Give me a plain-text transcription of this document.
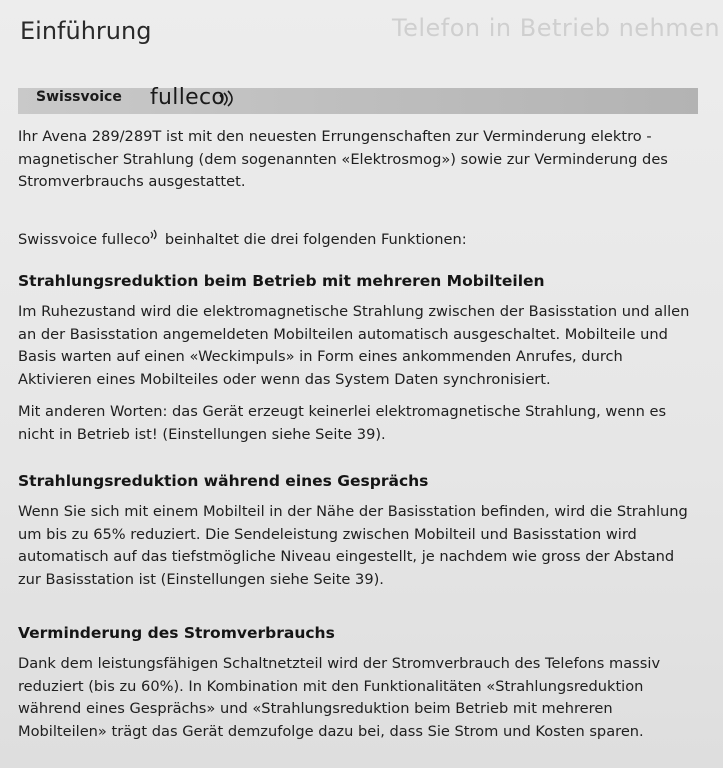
Telefon in Betrieb nehmen
Einführung
Swissvoice fulleco
Ihr Avena 289/289T ist mit den neuesten Errungenschaften zur Verminderung elektro - magnetischer Strahlung (dem sogenannten «Elektrosmog») sowie zur Verminderung des Stromverbrauchs ausgestattet.
Swissvoice fulleco beinhaltet die drei folgenden Funktionen:
Strahlungsreduktion beim Betrieb mit mehreren Mobilteilen
Im Ruhezustand wird die elektromagnetische Strahlung zwischen der Basisstation und allen an der Basisstation angemeldeten Mobilteilen automatisch ausgeschaltet. Mobilteile und Basis warten auf einen «Weckimpuls» in Form eines ankommenden Anrufes, durch Aktivieren eines Mobilteiles oder wenn das System Daten synchronisiert.
Mit anderen Worten: das Gerät erzeugt keinerlei elektromagnetische Strahlung, wenn es nicht in Betrieb ist! (Einstellungen siehe Seite 39).
Strahlungsreduktion während eines Gesprächs
Wenn Sie sich mit einem Mobilteil in der Nähe der Basisstation befinden, wird die Strahlung um bis zu 65% reduziert. Die Sendeleistung zwischen Mobilteil und Basisstation wird automatisch auf das tiefstmögliche Niveau eingestellt, je nachdem wie gross der Abstand zur Basisstation ist (Einstellungen siehe Seite 39).
Verminderung des Stromverbrauchs
Dank dem leistungsfähigen Schaltnetzteil wird der Stromverbrauch des Telefons massiv reduziert (bis zu 60%). In Kombination mit den Funktionalitäten «Strahlungsreduktion während eines Gesprächs» und «Strahlungsreduktion beim Betrieb mit mehreren Mobilteilen» trägt das Gerät demzufolge dazu bei, dass Sie Strom und Kosten sparen.
